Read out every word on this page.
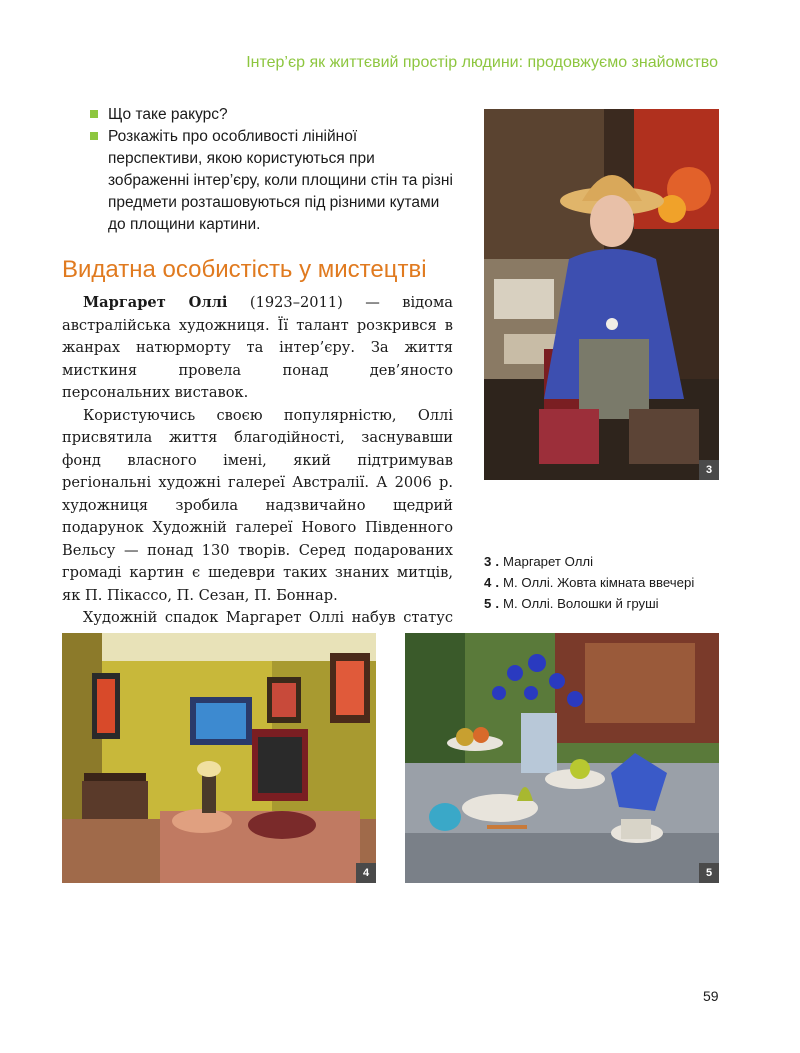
Інтер’єр як життєвий простір людини: продовжуємо знайомство
Що таке ракурс?
Розкажіть про особливості лінійної перспективи, якою користуються при зображенні інтер’єру, коли площини стін та різні предмети розташовуються під різними кутами до площини картини.
Видатна особистість у мистецтві

Маргарет Оллі (1923–2011) — відома австралійська художниця. Її талант розкрився в жанрах натюрморту та інтер’єру. За життя мисткиня провела понад дев’яносто персональних виставок.

Користуючись своєю популярністю, Оллі присвятила життя благодійності, заснувавши фонд власного імені, який підтримував регіональні художні галереї Австралії. А 2006 р. художниця зробила надзвичайно щедрий подарунок Художній галереї Нового Південного Вельсу — понад 130 творів. Серед подарованих громаді картин є шедеври таких знаних митців, як П. Пікассо, П. Сезан, П. Боннар.

Художній спадок Маргарет Оллі набув статус

3
3 . Маргарет Оллі
4 . М. Оллі. Жовта кімната ввечері
5 . М. Оллі. Волошки й груші
4	5
59
